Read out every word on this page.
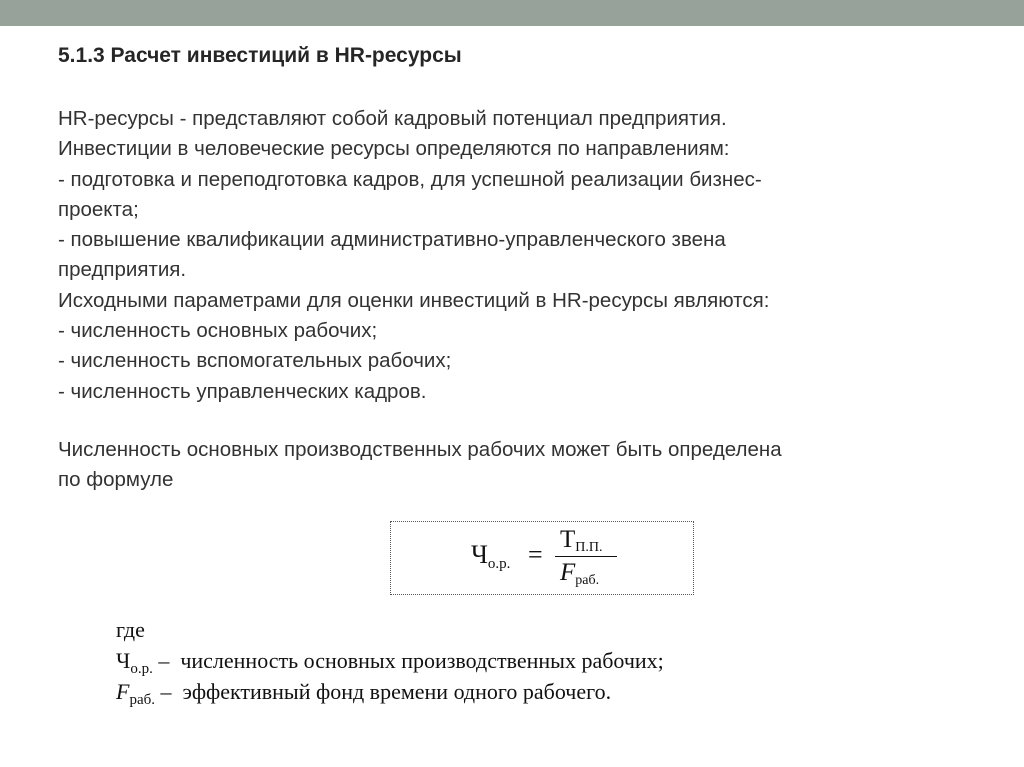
5.1.3 Расчет инвестиций в HR-ресурсы
HR-ресурсы - представляют собой кадровый потенциал предприятия.
Инвестиции в человеческие ресурсы определяются по направлениям:
- подготовка и переподготовка кадров, для успешной реализации бизнес-
проекта;
- повышение квалификации административно-управленческого звена
предприятия.
Исходными параметрами для оценки инвестиций в HR-ресурсы являются:
- численность основных рабочих;
- численность вспомогательных рабочих;
- численность управленческих кадров.
Численность основных производственных рабочих может быть определена
по формуле
$Ч_{о.р.}$ =
$Т_{П.П.}$
$F_{раб.}$
где
$Ч_{о.р.}$ – численность основных производственных рабочих;
$F_{раб.}$ – эффективный фонд времени одного рабочего.
